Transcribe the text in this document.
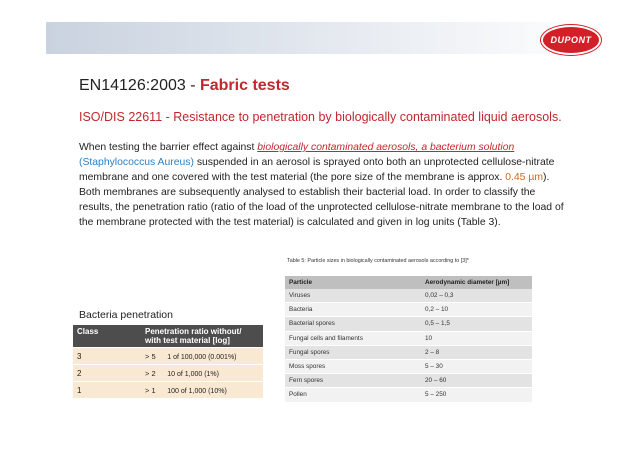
DUPONT
EN14126:2003 - Fabric tests
ISO/DIS 22611 - Resistance to penetration by biologically contaminated liquid aerosols.
When testing the barrier effect against biologically contaminated aerosols, a bacterium solution (Staphylococcus Aureus) suspended in an aerosol is sprayed onto both an unprotected cellulose-nitrate membrane and one covered with the test material (the pore size of the membrane is approx. 0.45 µm). Both membranes are subsequently analysed to establish their bacterial load. In order to classify the results, the penetration ratio (ratio of the load of the unprotected cellulose-nitrate membrane to the load of the membrane protected with the test material) is calculated and given in log units (Table 3).
Table 5: Particle sizes in biologically contaminated aerosols according to [3]*
Particle	Aerodynamic diameter [µm]
Viruses	0,02 – 0,3
Bacteria	0,2 – 10
Bacterial spores	0,5 – 1,5
Fungal cells and filaments	10
Fungal spores	2 – 8
Moss spores	5 – 30
Fern spores	20 – 60
Pollen	5 – 250
Bacteria penetration
Class	Penetration ratio without/ with test material [log]
3	> 5 1 of 100,000 (0.001%)
2	> 2 10 of 1,000 (1%)
1	> 1 100 of 1,000 (10%)
